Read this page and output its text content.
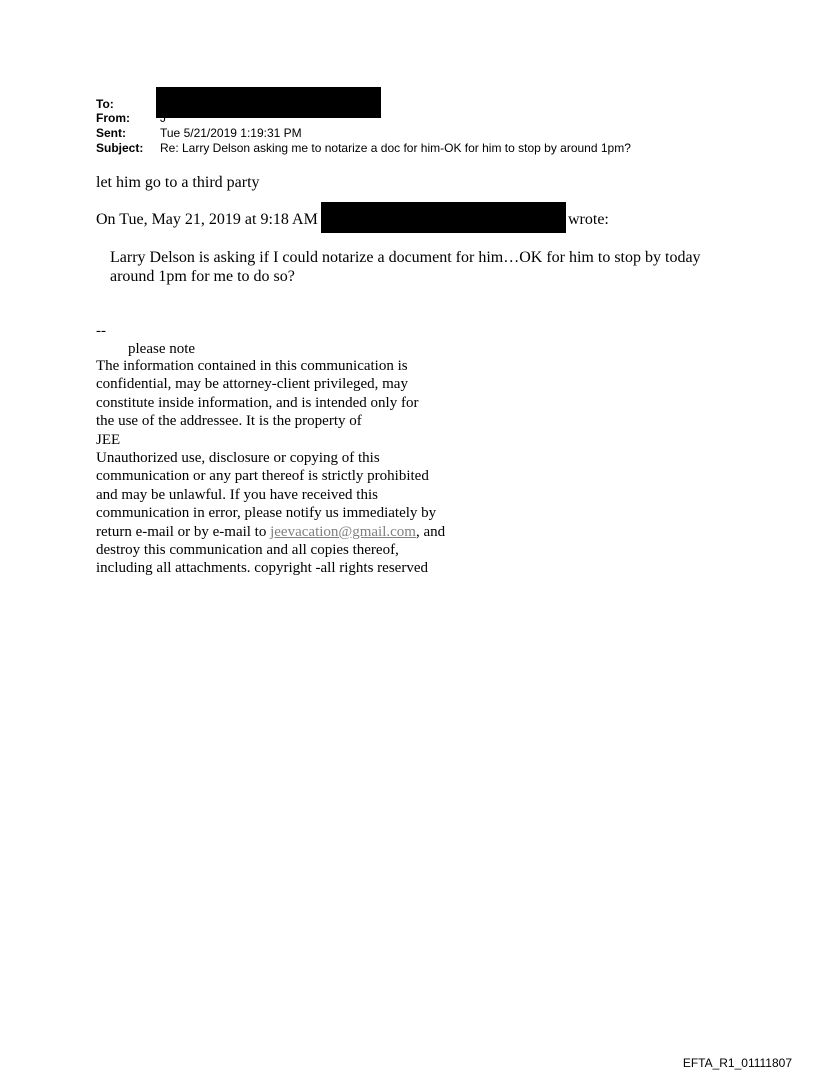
To:
From:	J
Sent:	Tue 5/21/2019 1:19:31 PM
Subject: Re: Larry Delson asking me to notarize a doc for him-OK for him to stop by around 1pm?
let him go to a third party
On Tue, May 21, 2019 at 9:18 AM	wrote:
Larry Delson is asking if I could notarize a document for him…OK for him to stop by today around 1pm for me to do so?
--
please note
The information contained in this communication is
confidential, may be attorney-client privileged, may
constitute inside information, and is intended only for
the use of the addressee. It is the property of
JEE
Unauthorized use, disclosure or copying of this
communication or any part thereof is strictly prohibited
and may be unlawful. If you have received this
communication in error, please notify us immediately by
return e-mail or by e-mail to jeevacation@gmail.com, and
destroy this communication and all copies thereof,
including all attachments. copyright -all rights reserved
EFTA_R1_01111807
